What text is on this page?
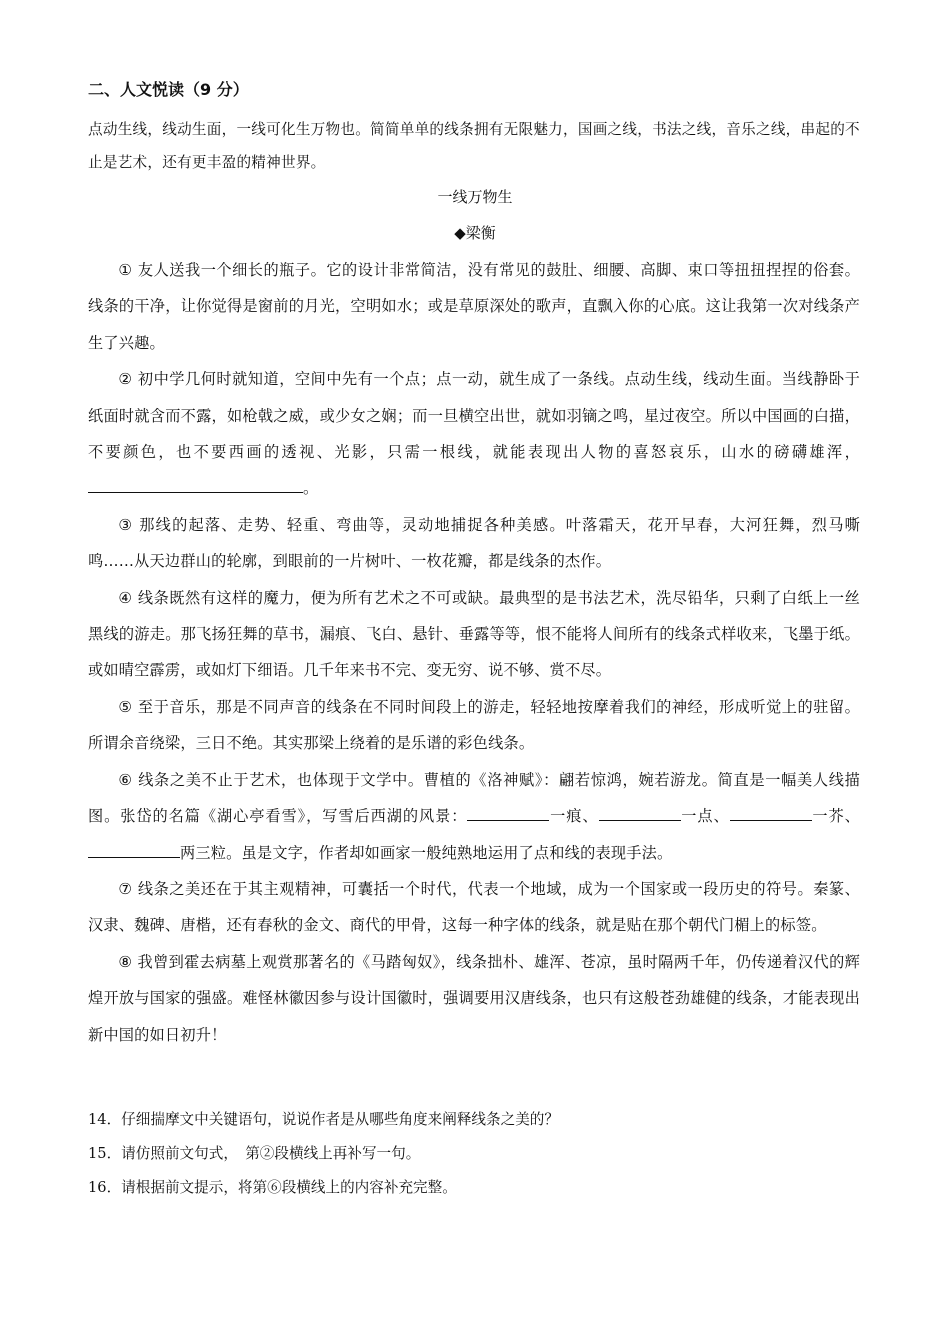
二、人文悦读（9 分）

点动生线，线动生面，一线可化生万物也。简简单单的线条拥有无限魅力，国画之线，书法之线，音乐之线，串起的不止是艺术，还有更丰盈的精神世界。

一线万物生
◆梁衡

① 友人送我一个细长的瓶子。它的设计非常简洁，没有常见的鼓肚、细腰、高脚、束口等扭扭捏捏的俗套。线条的干净，让你觉得是窗前的月光，空明如水；或是草原深处的歌声，直飘入你的心底。这让我第一次对线条产生了兴趣。

② 初中学几何时就知道，空间中先有一个点；点一动，就生成了一条线。点动生线，线动生面。当线静卧于纸面时就含而不露，如枪戟之威，或少女之娴；而一旦横空出世，就如羽镝之鸣，星过夜空。所以中国画的白描，不要颜色，也不要西画的透视、光影，只需一根线，就能表现出人物的喜怒哀乐，山水的磅礴雄浑，。

③ 那线的起落、走势、轻重、弯曲等，灵动地捕捉各种美感。叶落霜天，花开早春，大河狂舞，烈马嘶鸣……从天边群山的轮廓，到眼前的一片树叶、一枚花瓣，都是线条的杰作。

④ 线条既然有这样的魔力，便为所有艺术之不可或缺。最典型的是书法艺术，洗尽铅华，只剩了白纸上一丝黑线的游走。那飞扬狂舞的草书，漏痕、飞白、悬针、垂露等等，恨不能将人间所有的线条式样收来，飞墨于纸。或如晴空霹雳，或如灯下细语。几千年来书不完、变无穷、说不够、赏不尽。

⑤ 至于音乐，那是不同声音的线条在不同时间段上的游走，轻轻地按摩着我们的神经，形成听觉上的驻留。所谓余音绕梁，三日不绝。其实那梁上绕着的是乐谱的彩色线条。

⑥ 线条之美不止于艺术，也体现于文学中。曹植的《洛神赋》：翩若惊鸿，婉若游龙。简直是一幅美人线描图。张岱的名篇《湖心亭看雪》，写雪后西湖的风景：	一痕、	一点、	一芥、两三粒。虽是文字，作者却如画家一般纯熟地运用了点和线的表现手法。

⑦ 线条之美还在于其主观精神，可囊括一个时代，代表一个地域，成为一个国家或一段历史的符号。秦篆、汉隶、魏碑、唐楷，还有春秋的金文、商代的甲骨，这每一种字体的线条，就是贴在那个朝代门楣上的标签。

⑧ 我曾到霍去病墓上观赏那著名的《马踏匈奴》，线条拙朴、雄浑、苍凉，虽时隔两千年，仍传递着汉代的辉煌开放与国家的强盛。难怪林徽因参与设计国徽时，强调要用汉唐线条，也只有这般苍劲雄健的线条，才能表现出新中国的如日初升！

14．仔细揣摩文中关键语句，说说作者是从哪些角度来阐释线条之美的？

15．请仿照前文句式，　第②段横线上再补写一句。

16．请根据前文提示，将第⑥段横线上的内容补充完整。
